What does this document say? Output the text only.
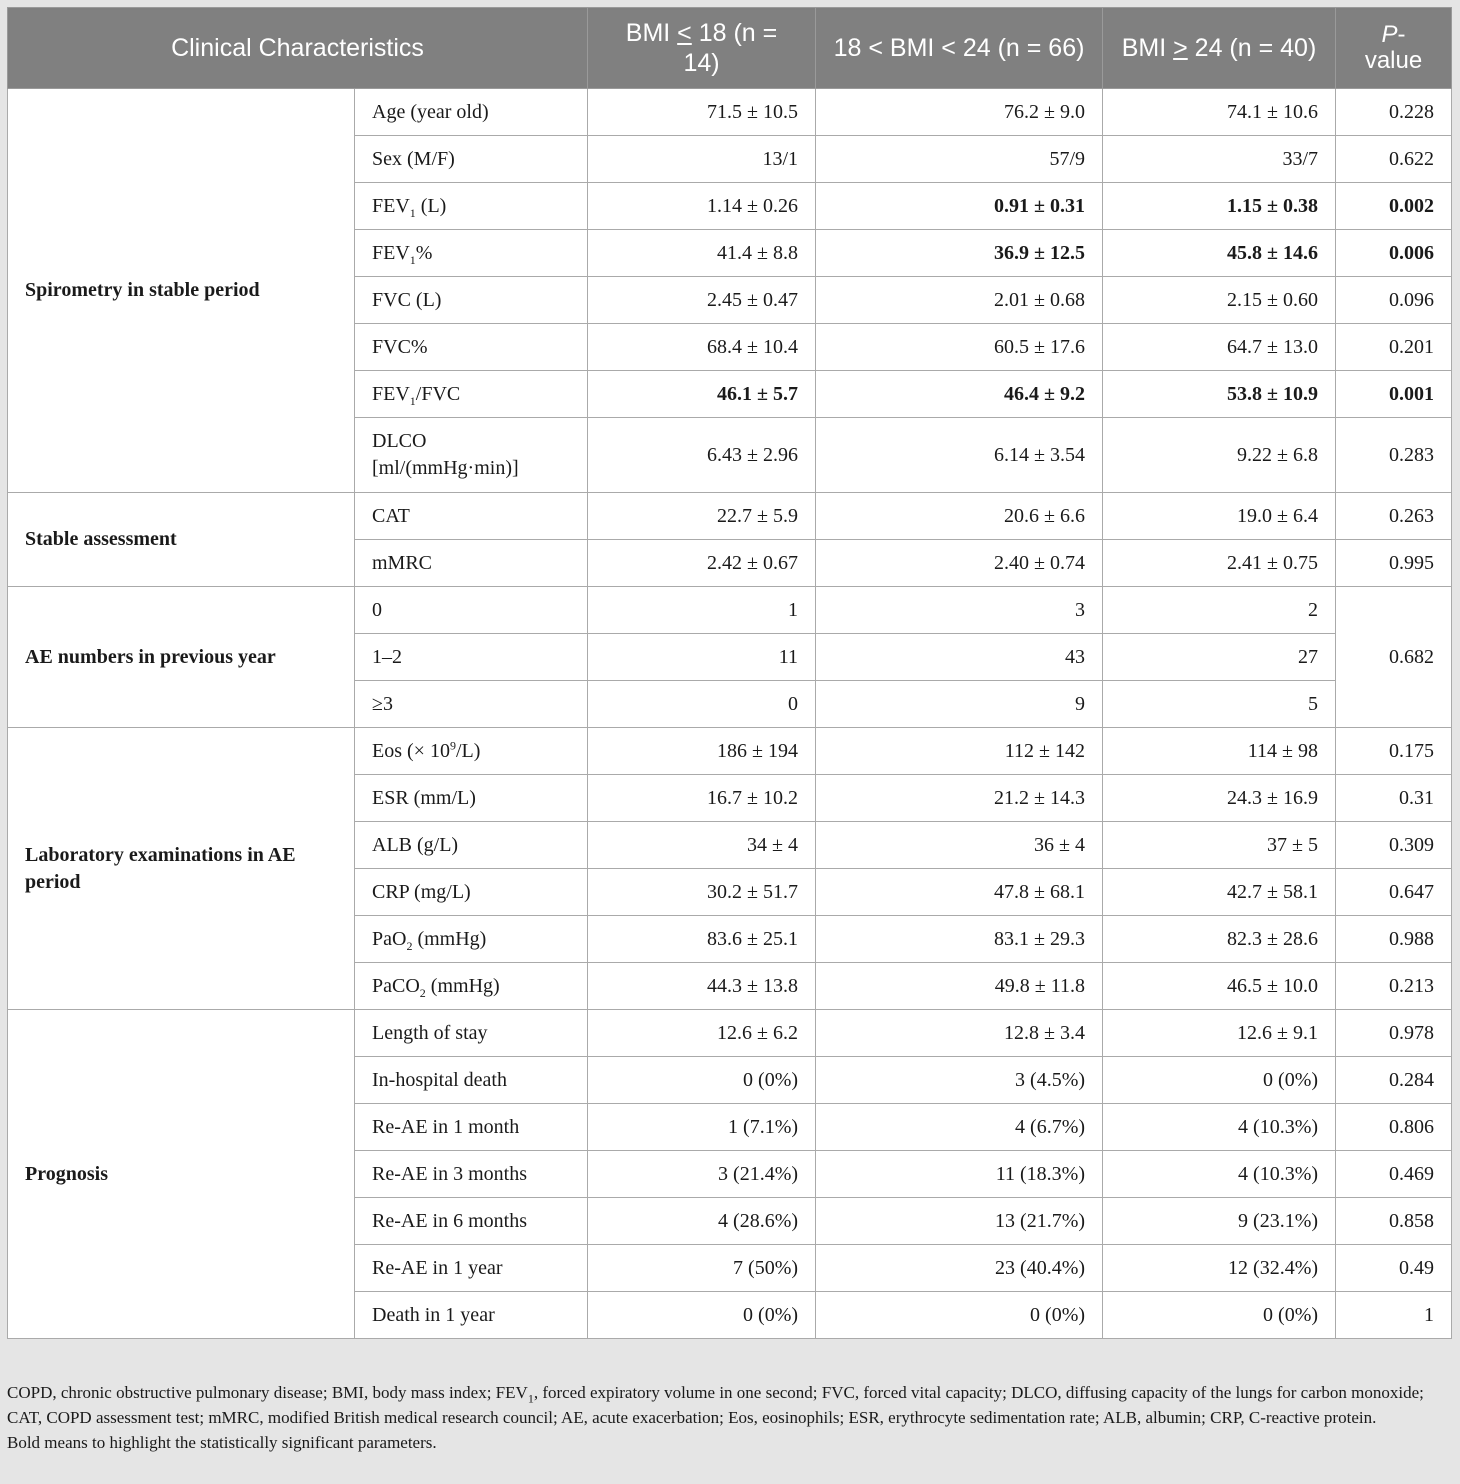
Clinical Characteristics		BMI < 18 (n = 14)	18 < BMI < 24 (n = 66)	BMI > 24 (n = 40)	P- value
Spirometry in stable period	Age (year old)	71.5 ± 10.5	76.2 ± 9.0	74.1 ± 10.6	0.228
	Sex (M/F)	13/1	57/9	33/7	0.622
	$FEV_1$ (L)	1.14 ± 0.26	0.91 ± 0.31	1.15 ± 0.38	0.002
	$FEV_1\%$	41.4 ± 8.8	36.9 ± 12.5	45.8 ± 14.6	0.006
	FVC (L)	2.45 ± 0.47	2.01 ± 0.68	2.15 ± 0.60	0.096
	FVC%	68.4 ± 10.4	60.5 ± 17.6	64.7 ± 13.0	0.201
	$FEV_1$/FVC	46.1 ± 5.7	46.4 ± 9.2	53.8 ± 10.9	0.001
	DLCO [ml/(mmHg·min)]	6.43 ± 2.96	6.14 ± 3.54	9.22 ± 6.8	0.283
Stable assessment	CAT	22.7 ± 5.9	20.6 ± 6.6	19.0 ± 6.4	0.263
	mMRC	2.42 ± 0.67	2.40 ± 0.74	2.41 ± 0.75	0.995
AE numbers in previous year	0	1	3	2	0.682
	1–2	11	43	27	
	≥3	0	9	5	
Laboratory examinations in AE period	Eos (× $10^9/L$)	186 ± 194	112 ± 142	114 ± 98	0.175
	ESR (mm/L)	16.7 ± 10.2	21.2 ± 14.3	24.3 ± 16.9	0.31
	ALB (g/L)	34 ± 4	36 ± 4	37 ± 5	0.309
	CRP (mg/L)	30.2 ± 51.7	47.8 ± 68.1	42.7 ± 58.1	0.647
	PaO$_2$ (mmHg)	83.6 ± 25.1	83.1 ± 29.3	82.3 ± 28.6	0.988
	PaCO$_2$ (mmHg)	44.3 ± 13.8	49.8 ± 11.8	46.5 ± 10.0	0.213
Prognosis	Length of stay	12.6 ± 6.2	12.8 ± 3.4	12.6 ± 9.1	0.978
	In-hospital death	0 (0%)	3 (4.5%)	0 (0%)	0.284
	Re-AE in 1 month	1 (7.1%)	4 (6.7%)	4 (10.3%)	0.806
	Re-AE in 3 months	3 (21.4%)	11 (18.3%)	4 (10.3%)	0.469
	Re-AE in 6 months	4 (28.6%)	13 (21.7%)	9 (23.1%)	0.858
	Re-AE in 1 year	7 (50%)	23 (40.4%)	12 (32.4%)	0.49
	Death in 1 year	0 (0%)	0 (0%)	0 (0%)	1

COPD, chronic obstructive pulmonary disease; BMI, body mass index; $FEV_1$, forced expiratory volume in one second; FVC, forced vital capacity; DLCO, diffusing capacity of the lungs for carbon monoxide; CAT, COPD assessment test; mMRC, modified British medical research council; AE, acute exacerbation; Eos, eosinophils; ESR, erythrocyte sedimentation rate; ALB, albumin; CRP, C-reactive protein.

Bold means to highlight the statistically significant parameters.
